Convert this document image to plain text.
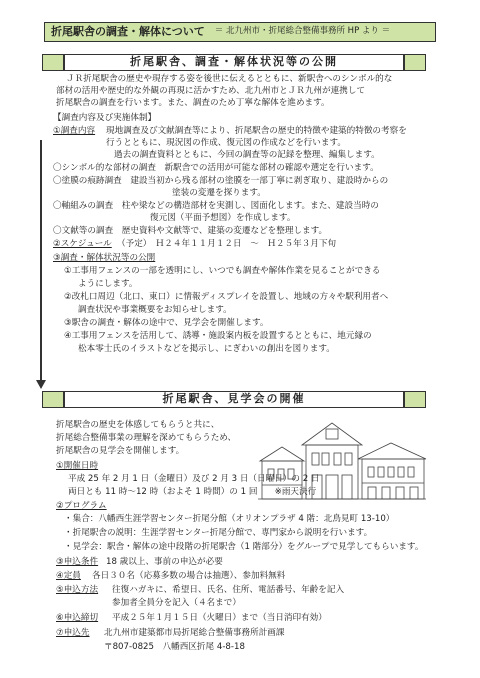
折尾駅舎の調査・解体について ＝ 北九州市・折尾総合整備事務所 HP より ＝
折尾駅舎、調査・解体状況等の公開
ＪＲ折尾駅舎の歴史や現存する姿を後世に伝えるとともに、新駅舎へのシンボル的な
部材の活用や歴史的な外観の再現に活かすため、北九州市とＪＲ九州が連携して
折尾駅舎の調査を行います。また、調査のため丁寧な解体を進めます。
【調査内容及び実施体制】
①調査内容 現地調査及び文献調査等により、折尾駅舎の歴史的特徴や建築的特徴の考察を
行うとともに、現況図の作成、復元図の作成などを行います。
過去の調査資料とともに、今回の調査等の記録を整理、編集します。
〇シンボル的な部材の調査　新駅舎での活用が可能な部材の確認や選定を行います。
〇塗膜の痕跡調査　建設当初から残る部材の塗膜を一部丁寧に剥ぎ取り、建設時からの
塗装の変遷を探ります。
〇軸組みの調査　柱や梁などの構造部材を実測し、図面化します。また、建設当時の
復元図（平面予想図）を作成します。
〇文献等の調査　歴史資料や文献等で、建築の変遷などを整理します。
②スケジュール （予定）　Ｈ２４年１１月１２日　～　Ｈ２５年３月下旬
③調査・解体状況等の公開
①工事用フェンスの一部を透明にし、いつでも調査や解体作業を見ることができる
ようにします。
②改札口周辺（北口、東口）に情報ディスプレイを設置し、地域の方々や駅利用者へ
調査状況や事業概要をお知らせします。
③駅舎の調査・解体の途中で、見学会を開催します。
④工事用フェンスを活用して、誘導・施設案内板を設置するとともに、地元縁の
松本零士氏のイラストなどを掲示し、にぎわいの創出を図ります。
折尾駅舎、見学会の開催
折尾駅舎の歴史を体感してもらうと共に、
折尾総合整備事業の理解を深めてもらうため、
折尾駅舎の見学会を開催します。
①開催日時
平成 25 年 2 月 1 日（金曜日）及び 2 月 3 日（日曜日）の 2 日
両日とも 11 時～12 時（およそ 1 時間）の 1 回　　※雨天決行
②プログラム
・集合：八幡西生涯学習センター折尾分館（オリオンプラザ 4 階：北鳥見町 13-10）
・折尾駅舎の説明：生涯学習センター折尾分館で、専門家から説明を行います。
・見学会：駅舎・解体の途中段階の折尾駅舎（1 階部分）をグループで見学してもらいます。
③申込条件 18 歳以上、事前の申込が必要
④定員 各日３０名（応募多数の場合は抽選）、参加料無料
⑤申込方法 往復ハガキに、希望日、氏名、住所、電話番号、年齢を記入
参加者全員分を記入（４名まで）
⑥申込締切 平成２５年１月１５日（火曜日）まで（当日消印有効）
⑦申込先 北九州市建築都市局折尾総合整備事務所計画課
〒807-0825　八幡西区折尾 4-8-18
